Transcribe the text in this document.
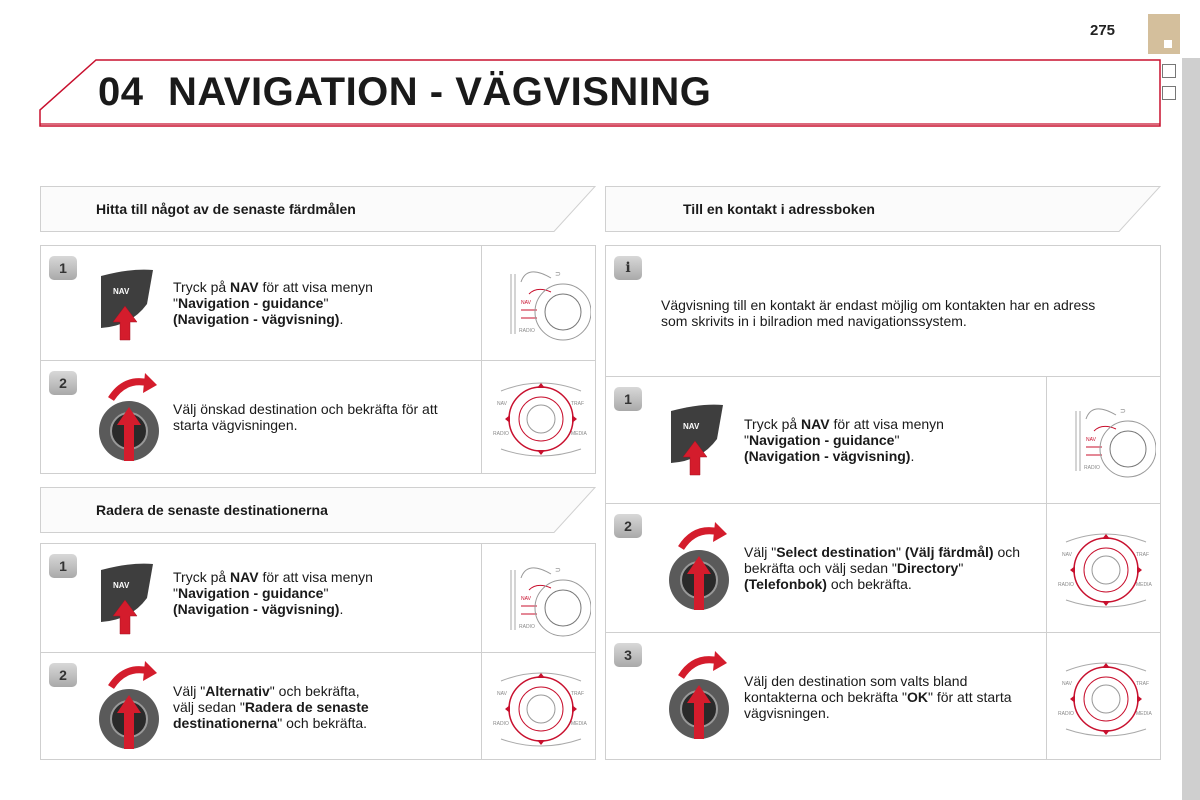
275
04 NAVIGATION - VÄGVISNING
Hitta till något av de senaste färdmålen
1
NAV	Tryck på NAV för att visa menyn
"Navigation - guidance"
(Navigation - vägvisning).
NAV
RADIO
⊃
2
Välj önskad destination och bekräfta för att starta vägvisningen.
NAV	TRAF
RADIO	MEDIA
Radera de senaste destinationerna
1
NAV
Tryck på NAV för att visa menyn
"Navigation - guidance"
(Navigation - vägvisning).
NAV
RADIO
⊃
2
Välj "Alternativ" och bekräfta,
välj sedan "Radera de senaste destinationerna" och bekräfta.
NAV	TRAF
RADIO	MEDIA
Till en kontakt i adressboken
i
Vägvisning till en kontakt är endast möjlig om kontakten har en adress som skrivits in i bilradion med navigationssystem.
1
NAV	Tryck på NAV för att visa menyn
"Navigation - guidance"
(Navigation - vägvisning).
NAV
RADIO
⊃
2
Välj "Select destination" (Välj färdmål) och bekräfta och välj sedan "Directory" (Telefonbok) och bekräfta.
NAV	TRAF
RADIO	MEDIA
3
Välj den destination som valts bland kontakterna och bekräfta "OK" för att starta vägvisningen.
NAV	TRAF
RADIO	MEDIA
